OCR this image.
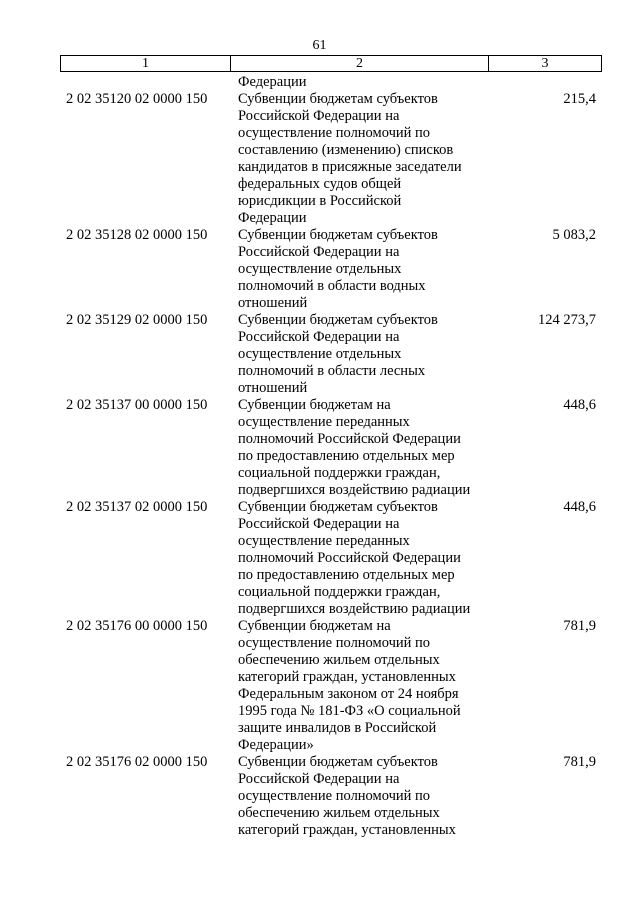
61
1	2	3
Федерации
2 02 35120 02 0000 150	Субвенции бюджетам субъектов
Российской Федерации на
осуществление полномочий по
составлению (изменению) списков
кандидатов в присяжные заседатели
федеральных судов общей
юрисдикции в Российской
Федерации
215,4
2 02 35128 02 0000 150	Субвенции бюджетам субъектов
Российской Федерации на
осуществление отдельных
полномочий в области водных
отношений
5 083,2
2 02 35129 02 0000 150	Субвенции бюджетам субъектов
Российской Федерации на
осуществление отдельных
полномочий в области лесных
отношений
124 273,7
2 02 35137 00 0000 150	Субвенции бюджетам на
осуществление переданных
полномочий Российской Федерации
по предоставлению отдельных мер
социальной поддержки граждан,
подвергшихся воздействию радиации
448,6
2 02 35137 02 0000 150	Субвенции бюджетам субъектов
Российской Федерации на
осуществление переданных
полномочий Российской Федерации
по предоставлению отдельных мер
социальной поддержки граждан,
подвергшихся воздействию радиации
448,6
2 02 35176 00 0000 150	Субвенции бюджетам на
осуществление полномочий по
обеспечению жильем отдельных
категорий граждан, установленных
Федеральным законом от 24 ноября
1995 года № 181-ФЗ «О социальной
защите инвалидов в Российской
Федерации»
781,9
2 02 35176 02 0000 150	Субвенции бюджетам субъектов
Российской Федерации на
осуществление полномочий по
обеспечению жильем отдельных
категорий граждан, установленных
781,9
